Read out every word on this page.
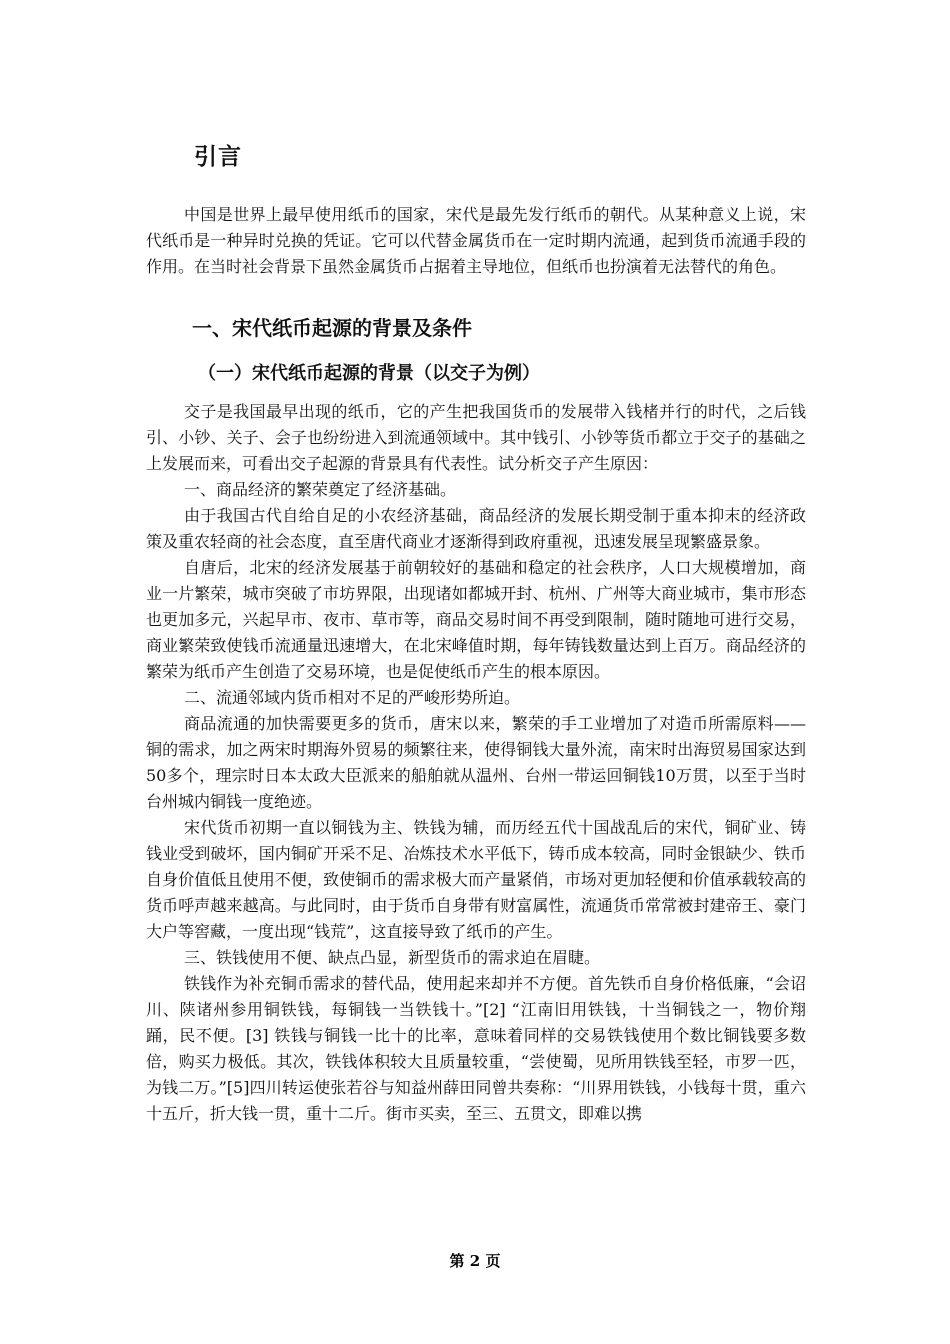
引言

中国是世界上最早使用纸币的国家，宋代是最先发行纸币的朝代。从某种意义上说，宋代纸币是一种异时兑换的凭证。它可以代替金属货币在一定时期内流通，起到货币流通手段的作用。在当时社会背景下虽然金属货币占据着主导地位，但纸币也扮演着无法替代的角色。

一、宋代纸币起源的背景及条件
（一）宋代纸币起源的背景（以交子为例）

交子是我国最早出现的纸币，它的产生把我国货币的发展带入钱楮并行的时代，之后钱引、小钞、关子、会子也纷纷进入到流通领域中。其中钱引、小钞等货币都立于交子的基础之上发展而来，可看出交子起源的背景具有代表性。试分析交子产生原因：

一、商品经济的繁荣奠定了经济基础。

由于我国古代自给自足的小农经济基础，商品经济的发展长期受制于重本抑末的经济政策及重农轻商的社会态度，直至唐代商业才逐渐得到政府重视，迅速发展呈现繁盛景象。

自唐后，北宋的经济发展基于前朝较好的基础和稳定的社会秩序，人口大规模增加，商业一片繁荣，城市突破了市坊界限，出现诸如都城开封、杭州、广州等大商业城市，集市形态也更加多元，兴起早市、夜市、草市等，商品交易时间不再受到限制，随时随地可进行交易，商业繁荣致使钱币流通量迅速增大，在北宋峰值时期，每年铸钱数量达到上百万。商品经济的繁荣为纸币产生创造了交易环境，也是促使纸币产生的根本原因。

二、流通邻域内货币相对不足的严峻形势所迫。

商品流通的加快需要更多的货币，唐宋以来，繁荣的手工业增加了对造币所需原料——铜的需求，加之两宋时期海外贸易的频繁往来，使得铜钱大量外流，南宋时出海贸易国家达到50多个，理宗时日本太政大臣派来的船舶就从温州、台州一带运回铜钱10万贯，以至于当时台州城内铜钱一度绝迹。

宋代货币初期一直以铜钱为主、铁钱为辅，而历经五代十国战乱后的宋代，铜矿业、铸钱业受到破坏，国内铜矿开采不足、冶炼技术水平低下，铸币成本较高，同时金银缺少、铁币自身价值低且使用不便，致使铜币的需求极大而产量紧俏，市场对更加轻便和价值承载较高的货币呼声越来越高。与此同时，由于货币自身带有财富属性，流通货币常常被封建帝王、豪门大户等窖藏，一度出现“钱荒”，这直接导致了纸币的产生。

三、铁钱使用不便、缺点凸显，新型货币的需求迫在眉睫。

铁钱作为补充铜币需求的替代品，使用起来却并不方便。首先铁币自身价格低廉，“会诏川、陕诸州参用铜铁钱，每铜钱一当铁钱十。”[2] “江南旧用铁钱，十当铜钱之一，物价翔踊，民不便。[3] 铁钱与铜钱一比十的比率，意味着同样的交易铁钱使用个数比铜钱要多数倍，购买力极低。其次，铁钱体积较大且质量较重，“尝使蜀，见所用铁钱至轻，市罗一匹，为钱二万。”[5]四川转运使张若谷与知益州薛田同曾共奏称：“川界用铁钱，小钱每十贯，重六十五斤，折大钱一贯，重十二斤。街市买卖，至三、五贯文，即难以携

第 2 页
